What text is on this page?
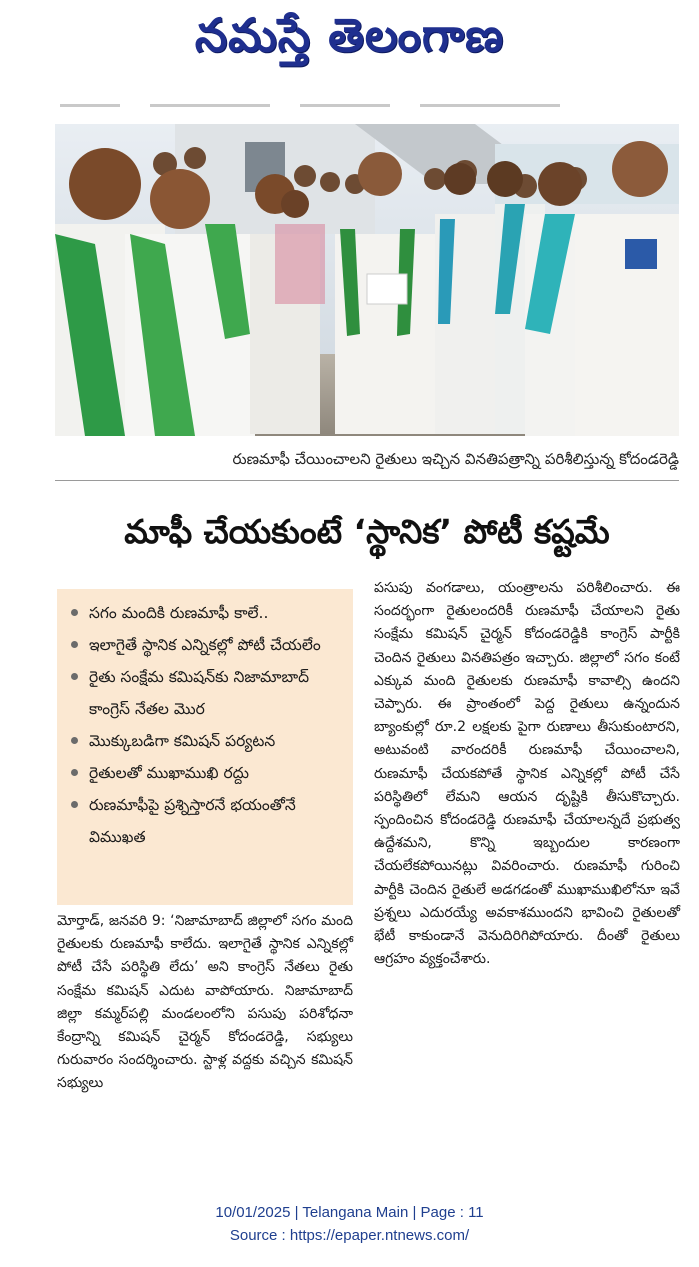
నమస్తే తెలంగాణ
రుణమాఫీ చేయించాలని రైతులు ఇచ్చిన వినతిపత్రాన్ని పరిశీలిస్తున్న కోదండరెడ్డి
మాఫీ చేయకుంటే ‘స్థానిక’ పోటీ కష్టమే
సగం మందికి రుణమాఫీ కాలే..
ఇలాగైతే స్థానిక ఎన్నికల్లో పోటీ చేయలేం
రైతు సంక్షేమ కమిషన్‌కు నిజామాబాద్ కాంగ్రెస్ నేతల మొర
మొక్కుబడిగా కమిషన్ పర్యటన
రైతులతో ముఖాముఖి రద్దు
రుణమాఫీపై ప్రశ్నిస్తారనే భయంతోనే విముఖత
మోర్తాడ్, జనవరి 9: ‘నిజామాబాద్ జిల్లాలో సగం మంది రైతులకు రుణమాఫీ కాలేదు. ఇలాగైతే స్థానిక ఎన్నికల్లో పోటీ చేసే పరిస్థితి లేదు’ అని కాంగ్రెస్ నేతలు రైతు సంక్షేమ కమిషన్ ఎదుట వాపోయారు. నిజామాబాద్ జిల్లా కమ్మర్‌పల్లి మండలంలోని పసుపు పరిశోధనా కేంద్రాన్ని కమిషన్ చైర్మన్ కోదండరెడ్డి, సభ్యులు గురువారం సందర్శించారు. స్టాళ్ల వద్దకు వచ్చిన కమిషన్ సభ్యులు
పసుపు వంగడాలు, యంత్రాలను పరిశీలించారు. ఈ సందర్భంగా రైతులందరికీ రుణమాఫీ చేయాలని రైతు సంక్షేమ కమిషన్ చైర్మన్ కోదండరెడ్డికి కాంగ్రెస్ పార్టీకి చెందిన రైతులు వినతిపత్రం ఇచ్చారు. జిల్లాలో సగం కంటే ఎక్కువ మంది రైతులకు రుణమాఫీ కావాల్సి ఉందని చెప్పారు. ఈ ప్రాంతంలో పెద్ద రైతులు ఉన్నందున బ్యాంకుల్లో రూ.2 లక్షలకు పైగా రుణాలు తీసుకుంటారని, అటువంటి వారందరికీ రుణమాఫీ చేయించాలని, రుణమాఫీ చేయకపోతే స్థానిక ఎన్నికల్లో పోటీ చేసే పరిస్థితిలో లేమని ఆయన దృష్టికి తీసుకొచ్చారు. స్పందించిన కోదండరెడ్డి రుణమాఫీ చేయాలన్నదే ప్రభుత్వ ఉద్దేశమని, కొన్ని ఇబ్బందుల కారణంగా చేయలేకపోయినట్లు వివరించారు. రుణమాఫీ గురించి పార్టీకి చెందిన రైతులే అడగడంతో ముఖాముఖిలోనూ ఇవే ప్రశ్నలు ఎదురయ్యే అవకాశముందని భావించి రైతులతో భేటీ కాకుండానే వెనుదిరిగిపోయారు. దీంతో రైతులు ఆగ్రహం వ్యక్తంచేశారు.
10/01/2025 | Telangana Main | Page : 11
Source : https://epaper.ntnews.com/
